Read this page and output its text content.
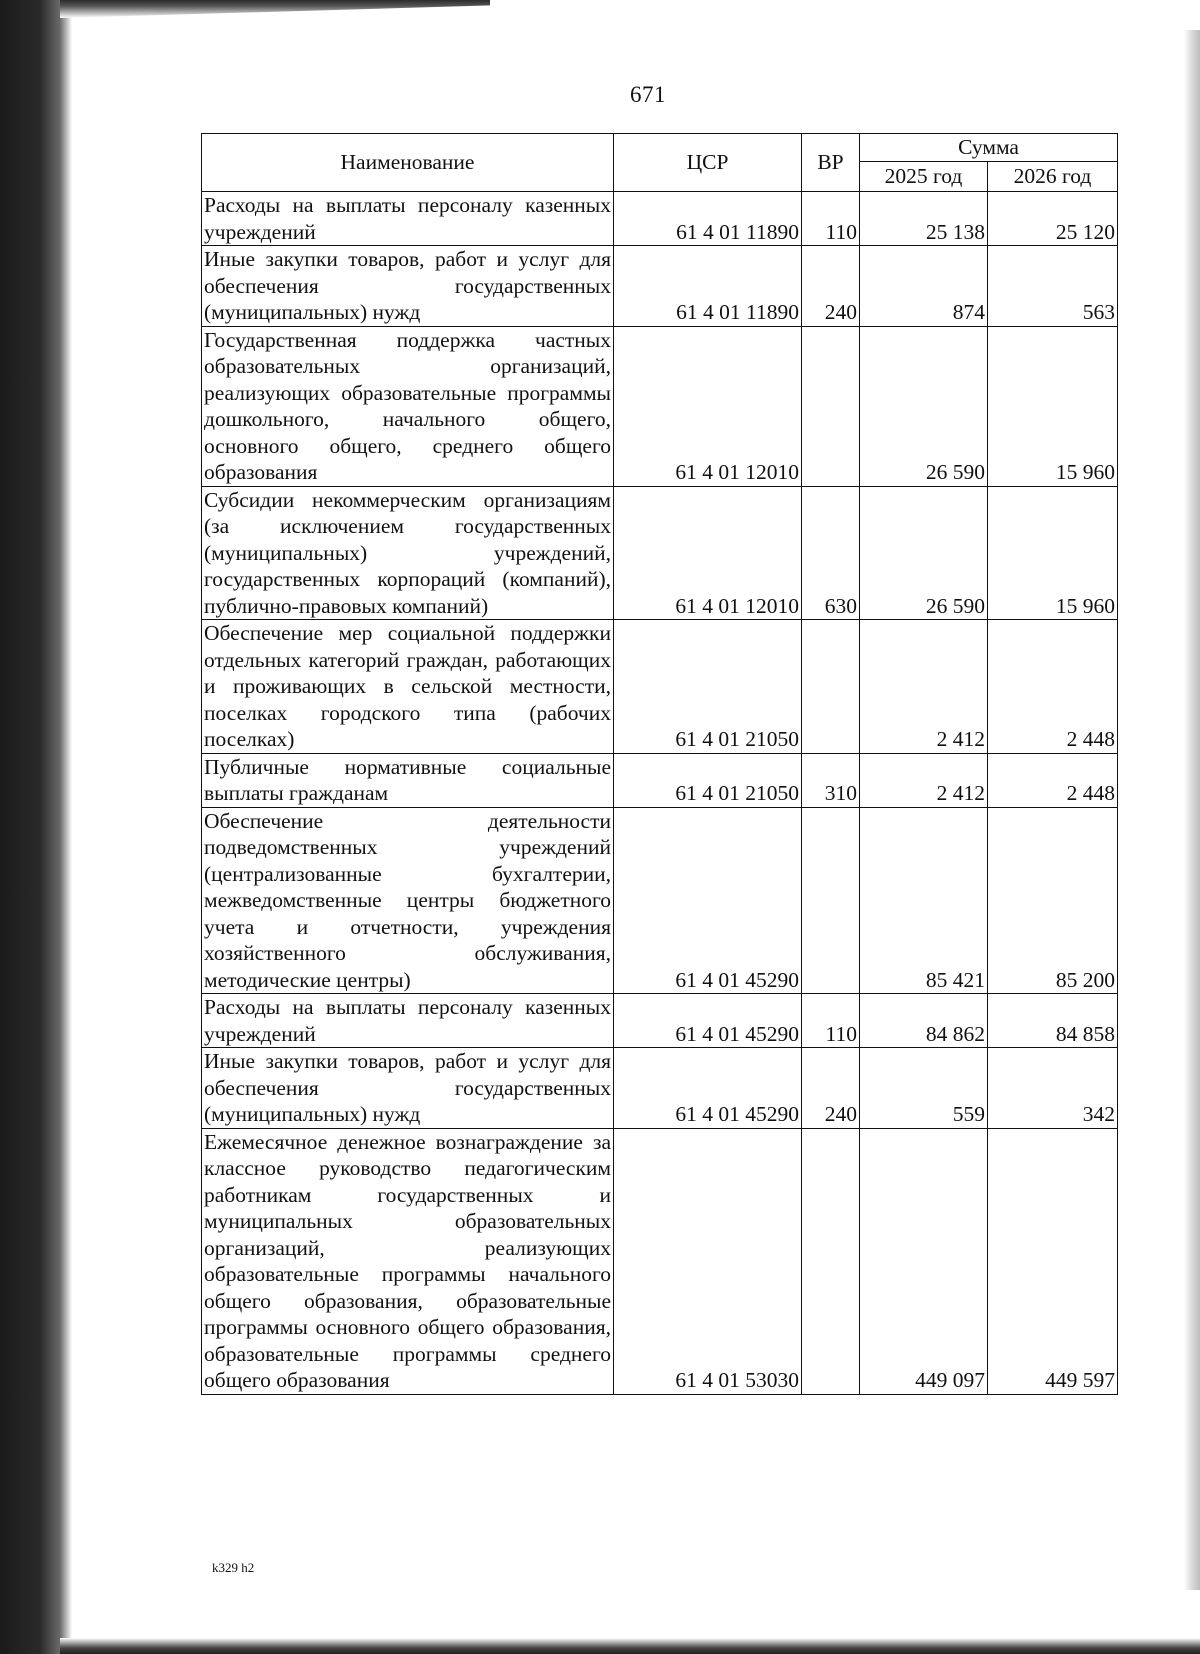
671
Наименование	ЦСР	ВР	Сумма	
			2025 год	2026 год
Расходы на выплаты персоналу казенных учреждений	61 4 01 11890	110	25 138	25 120
Иные закупки товаров, работ и услуг для обеспечения государственных (муниципальных) нужд	61 4 01 11890	240	874	563
Государственная поддержка частных образовательных организаций, реализующих образовательные программы дошкольного, начального общего, основного общего, среднего общего образования	61 4 01 12010		26 590	15 960
Субсидии некоммерческим организациям (за исключением государственных (муниципальных) учреждений, государственных корпораций (компаний), публично-правовых компаний)	61 4 01 12010	630	26 590	15 960
Обеспечение мер социальной поддержки отдельных категорий граждан, работающих и проживающих в сельской местности, поселках городского типа (рабочих поселках)	61 4 01 21050		2 412	2 448
Публичные нормативные социальные выплаты гражданам	61 4 01 21050	310	2 412	2 448
Обеспечение деятельности подведомственных учреждений (централизованные бухгалтерии, межведомственные центры бюджетного учета и отчетности, учреждения хозяйственного обслуживания, методические центры)	61 4 01 45290		85 421	85 200
Расходы на выплаты персоналу казенных учреждений	61 4 01 45290	110	84 862	84 858
Иные закупки товаров, работ и услуг для обеспечения государственных (муниципальных) нужд	61 4 01 45290	240	559	342
Ежемесячное денежное вознаграждение за классное руководство педагогическим работникам государственных и муниципальных образовательных организаций, реализующих образовательные программы начального общего образования, образовательные программы основного общего образования, образовательные программы среднего общего образования	61 4 01 53030		449 097	449 597
k329 h2
